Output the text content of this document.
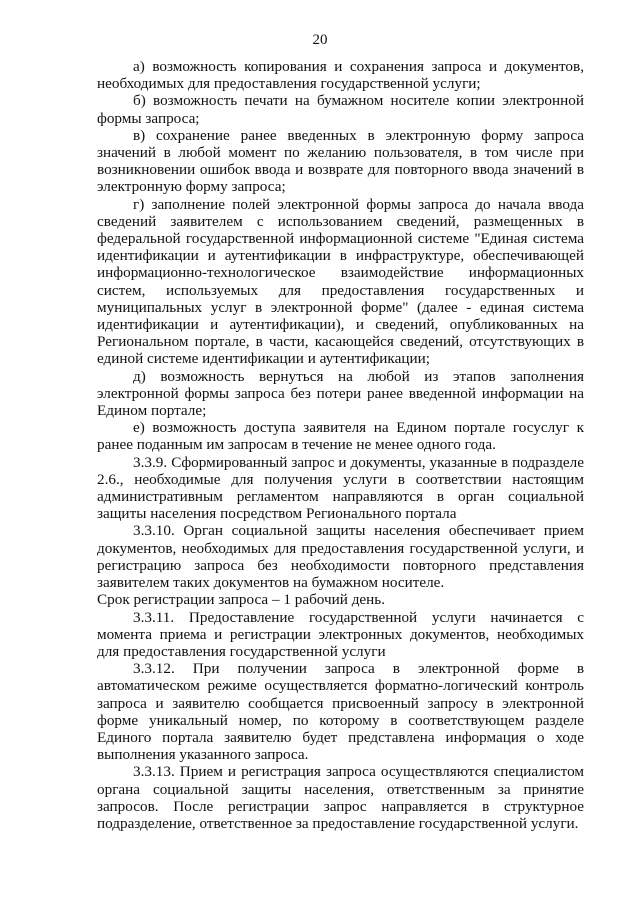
20

а) возможность копирования и сохранения запроса и документов, необходимых для предоставления государственной услуги;

б) возможность печати на бумажном носителе копии электронной формы запроса;

в) сохранение ранее введенных в электронную форму запроса значений в любой момент по желанию пользователя, в том числе при возникновении ошибок ввода и возврате для повторного ввода значений в электронную форму запроса;

г) заполнение полей электронной формы запроса до начала ввода сведений заявителем с использованием сведений, размещенных в федеральной государственной информационной системе "Единая система идентификации и аутентификации в инфраструктуре, обеспечивающей информационно-технологическое взаимодействие информационных систем, используемых для предоставления государственных и муниципальных услуг в электронной форме" (далее - единая система идентификации и аутентификации), и сведений, опубликованных на Региональном портале, в части, касающейся сведений, отсутствующих в единой системе идентификации и аутентификации;

д) возможность вернуться на любой из этапов заполнения электронной формы запроса без потери ранее введенной информации на Едином портале;

е) возможность доступа заявителя на Едином портале госуслуг к ранее поданным им запросам в течение не менее одного года.

3.3.9. Сформированный запрос и документы, указанные в подразделе 2.6., необходимые для получения услуги в соответствии настоящим административным регламентом направляются в орган социальной защиты населения посредством Регионального портала

3.3.10. Орган социальной защиты населения обеспечивает прием документов, необходимых для предоставления государственной услуги, и регистрацию запроса без необходимости повторного представления заявителем таких документов на бумажном носителе.

Срок регистрации запроса – 1 рабочий день.

3.3.11. Предоставление государственной услуги начинается с момента приема и регистрации электронных документов, необходимых для предоставления государственной услуги

3.3.12. При получении запроса в электронной форме в автоматическом режиме осуществляется форматно-логический контроль запроса и заявителю сообщается присвоенный запросу в электронной форме уникальный номер, по которому в соответствующем разделе Единого портала заявителю будет представлена информация о ходе выполнения указанного запроса.

3.3.13. Прием и регистрация запроса осуществляются специалистом органа социальной защиты населения, ответственным за принятие запросов. После регистрации запрос направляется в структурное подразделение, ответственное за предоставление государственной услуги.
